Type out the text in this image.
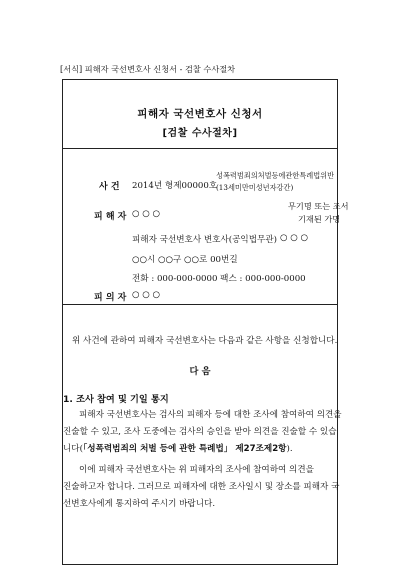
[서식] 피해자 국선변호사 신청서 - 검찰 수사절차
피해자 국선변호사 신청서
[검찰 수사절차]
사 건 2014년 형제00000호
성폭력범죄의처벌등에관한특례법위반
(13세미만미성년자강간)
피 해 자 ○ ○ ○
무기명 또는 조서
기재된 가명
피해자 국선변호사 변호사(공익법무관) ○ ○ ○
○○시 ○○구 ○○로 00번길
전화 : 000-000-0000 팩스 : 000-000-0000
피 의 자 ○ ○ ○
위 사건에 관하여 피해자 국선변호사는 다음과 같은 사항을 신청합니다.
다 음
1. 조사 참여 및 기일 통지
피해자 국선변호사는 검사의 피해자 등에 대한 조사에 참여하여 의견을
진술할 수 있고, 조사 도중에는 검사의 승인을 받아 의견을 진술할 수 있습
니다(「성폭력범죄의 처벌 등에 관한 특례법」 제27조제2항).
이에 피해자 국선변호사는 위 피해자의 조사에 참여하여 의견을
진술하고자 합니다. 그러므로 피해자에 대한 조사일시 및 장소를 피해자 국
선변호사에게 통지하여 주시기 바랍니다.
